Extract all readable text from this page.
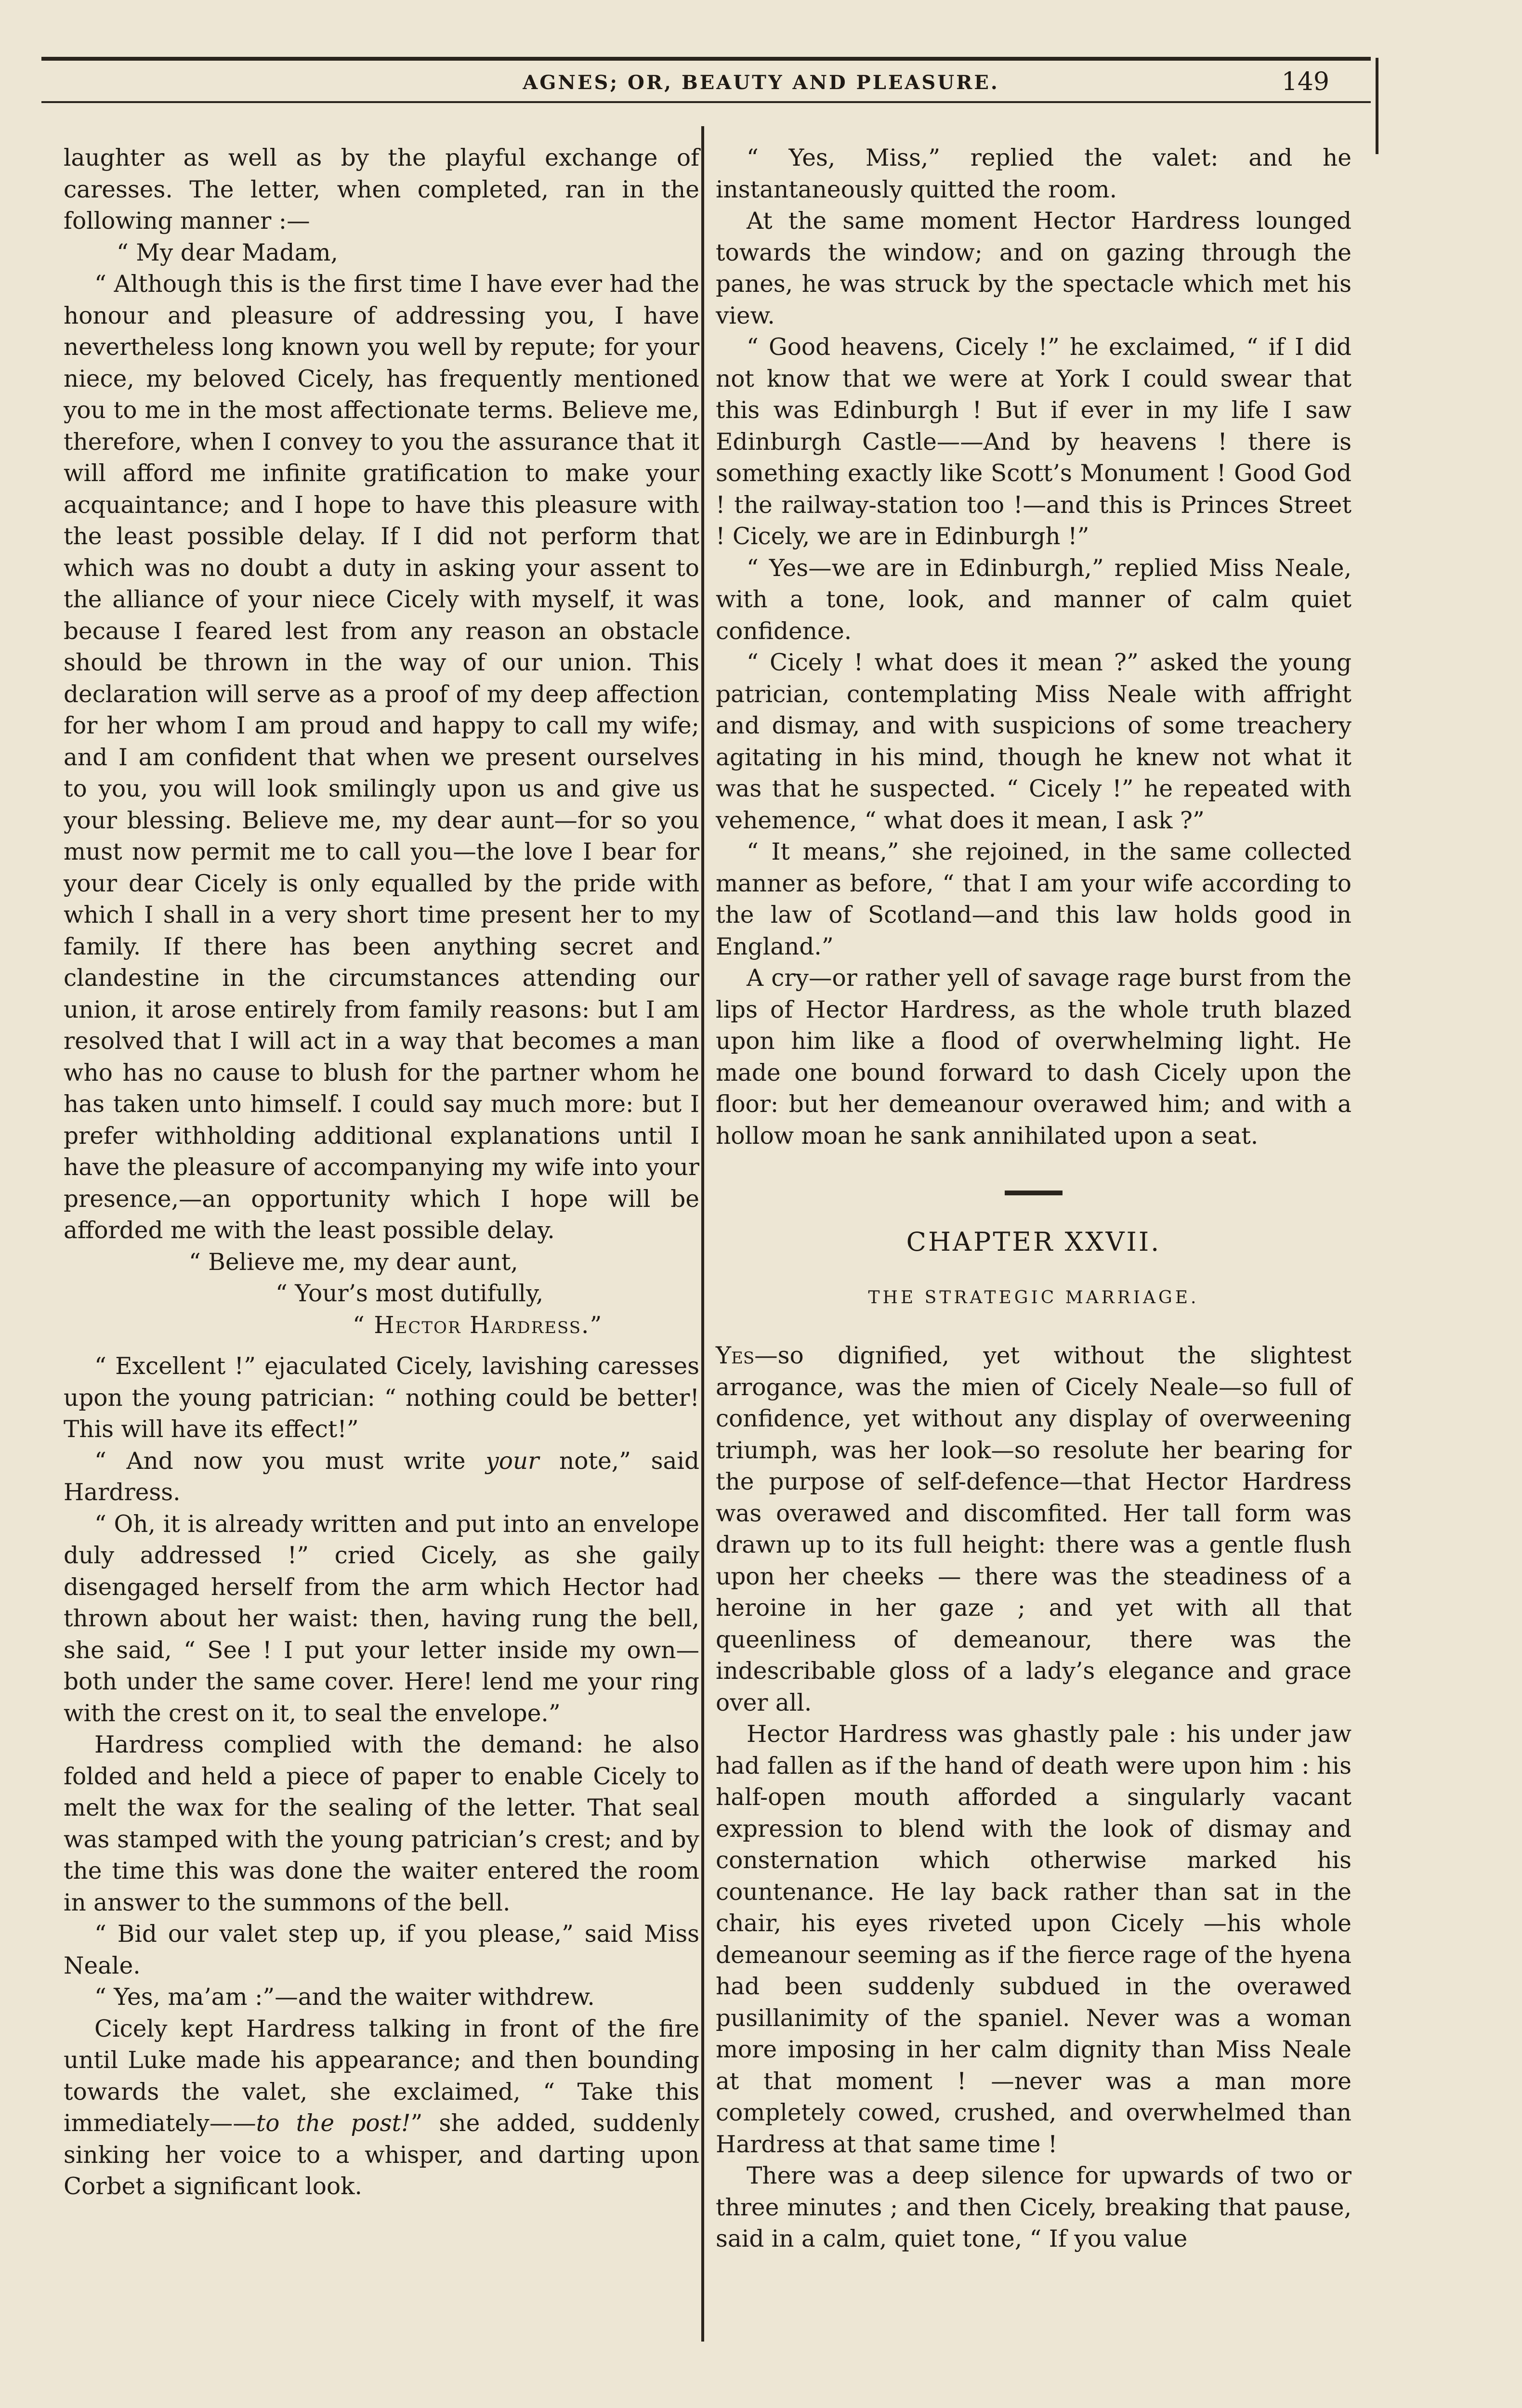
AGNES; OR, BEAUTY AND PLEASURE.	149

laughter as well as by the playful exchange of caresses. The letter, when completed, ran in the following manner :—

“ My dear Madam,

“ Although this is the first time I have ever had the honour and pleasure of addressing you, I have nevertheless long known you well by repute; for your niece, my beloved Cicely, has frequently mentioned you to me in the most affectionate terms. Believe me, therefore, when I convey to you the assurance that it will afford me infinite gratification to make your acquaintance; and I hope to have this pleasure with the least possible delay. If I did not perform that which was no doubt a duty in asking your assent to the alliance of your niece Cicely with myself, it was because I feared lest from any reason an obstacle should be thrown in the way of our union. This declaration will serve as a proof of my deep affection for her whom I am proud and happy to call my wife; and I am confident that when we present ourselves to you, you will look smilingly upon us and give us your blessing. Believe me, my dear aunt—for so you must now permit me to call you—the love I bear for your dear Cicely is only equalled by the pride with which I shall in a very short time present her to my family. If there has been anything secret and clandestine in the circumstances attending our union, it arose entirely from family reasons: but I am resolved that I will act in a way that becomes a man who has no cause to blush for the partner whom he has taken unto himself. I could say much more: but I prefer withholding additional explanations until I have the pleasure of accompanying my wife into your presence,—an opportunity which I hope will be afforded me with the least possible delay.

“ Believe me, my dear aunt,

“ Your’s most dutifully,

“ Hector Hardress.”

“ Excellent !” ejaculated Cicely, lavishing caresses upon the young patrician: “ nothing could be better! This will have its effect!”

“ And now you must write your note,” said Hardress.

“ Oh, it is already written and put into an envelope duly addressed !” cried Cicely, as she gaily disengaged herself from the arm which Hector had thrown about her waist: then, having rung the bell, she said, “ See ! I put your letter inside my own—both under the same cover. Here! lend me your ring with the crest on it, to seal the envelope.”

Hardress complied with the demand: he also folded and held a piece of paper to enable Cicely to melt the wax for the sealing of the letter. That seal was stamped with the young patrician’s crest; and by the time this was done the waiter entered the room in answer to the summons of the bell.

“ Bid our valet step up, if you please,” said Miss Neale.

“ Yes, ma’am :”—and the waiter withdrew.

Cicely kept Hardress talking in front of the fire until Luke made his appearance; and then bounding towards the valet, she exclaimed, “ Take this immediately——to the post!” she added, suddenly sinking her voice to a whisper, and darting upon Corbet a significant look.

“ Yes, Miss,” replied the valet: and he instantaneously quitted the room.

At the same moment Hector Hardress lounged towards the window; and on gazing through the panes, he was struck by the spectacle which met his view.

“ Good heavens, Cicely !” he exclaimed, “ if I did not know that we were at York I could swear that this was Edinburgh ! But if ever in my life I saw Edinburgh Castle——And by heavens ! there is something exactly like Scott’s Monument ! Good God ! the railway-station too !—and this is Princes Street ! Cicely, we are in Edinburgh !”

“ Yes—we are in Edinburgh,” replied Miss Neale, with a tone, look, and manner of calm quiet confidence.

“ Cicely ! what does it mean ?” asked the young patrician, contemplating Miss Neale with affright and dismay, and with suspicions of some treachery agitating in his mind, though he knew not what it was that he suspected. “ Cicely !” he repeated with vehemence, “ what does it mean, I ask ?”

“ It means,” she rejoined, in the same collected manner as before, “ that I am your wife according to the law of Scotland—and this law holds good in England.”

A cry—or rather yell of savage rage burst from the lips of Hector Hardress, as the whole truth blazed upon him like a flood of overwhelming light. He made one bound forward to dash Cicely upon the floor: but her demeanour overawed him; and with a hollow moan he sank annihilated upon a seat.

CHAPTER XXVII.
THE STRATEGIC MARRIAGE.

Yes—so dignified, yet without the slightest arrogance, was the mien of Cicely Neale—so full of confidence, yet without any display of overweening triumph, was her look—so resolute her bearing for the purpose of self-defence—that Hector Hardress was overawed and discomfited. Her tall form was drawn up to its full height: there was a gentle flush upon her cheeks — there was the steadiness of a heroine in her gaze ; and yet with all that queenliness of demeanour, there was the indescribable gloss of a lady’s elegance and grace over all.

Hector Hardress was ghastly pale : his under jaw had fallen as if the hand of death were upon him : his half-open mouth afforded a singularly vacant expression to blend with the look of dismay and consternation which otherwise marked his countenance. He lay back rather than sat in the chair, his eyes riveted upon Cicely —his whole demeanour seeming as if the fierce rage of the hyena had been suddenly subdued in the overawed pusillanimity of the spaniel. Never was a woman more imposing in her calm dignity than Miss Neale at that moment ! —never was a man more completely cowed, crushed, and overwhelmed than Hardress at that same time !

There was a deep silence for upwards of two or three minutes ; and then Cicely, breaking that pause, said in a calm, quiet tone, “ If you value
